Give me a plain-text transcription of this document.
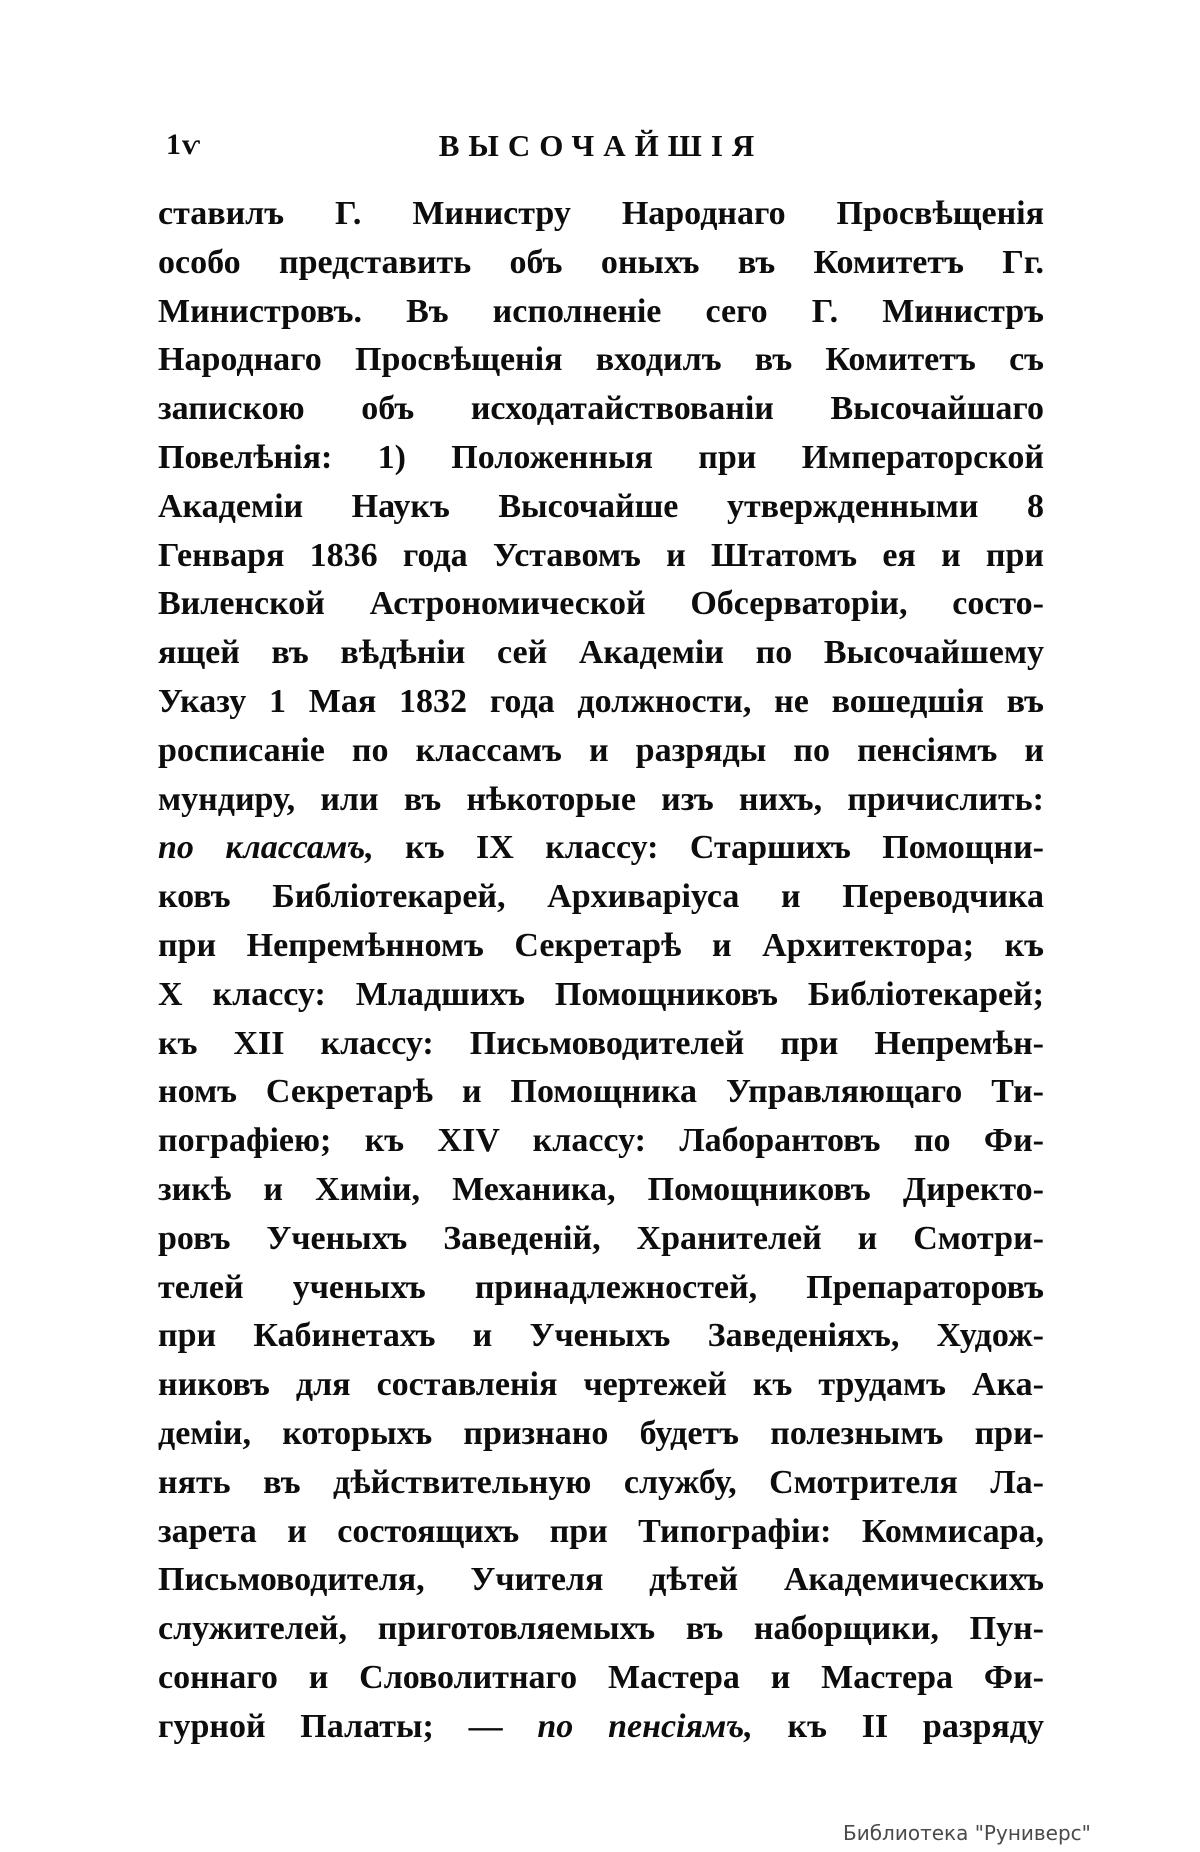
1ѵ	ВЫСОЧАЙШІЯ
ставилъ Г. Министру Народнаго Просвѣщенія
особо представить объ оныхъ въ Комитетъ Гг.
Министровъ. Въ исполненіе сего Г. Министръ
Народнаго Просвѣщенія входилъ въ Комитетъ съ
запискою объ исходатайствованіи Высочайшаго
Повелѣнія: 1) Положенныя при Императорской
Академіи Наукъ Высочайше утвержденными 8
Генваря 1836 года Уставомъ и Штатомъ ея и при
Виленской Астрономической Обсерваторіи, состо-
ящей въ вѣдѣніи сей Академіи по Высочайшему
Указу 1 Мая 1832 года должности, не вошедшія въ
росписаніе по классамъ и разряды по пенсіямъ и
мундиру, или въ нѣкоторые изъ нихъ, причислить:
по классамъ, къ IX классу: Старшихъ Помощни-
ковъ Библіотекарей, Архиваріуса и Переводчика
при Непремѣнномъ Секретарѣ и Архитектора; къ
X классу: Младшихъ Помощниковъ Библіотекарей;
къ XII классу: Письмоводителей при Непремѣн-
номъ Секретарѣ и Помощника Управляющаго Ти-
пографіею; къ XIV классу: Лаборантовъ по Фи-
зикѣ и Химіи, Механика, Помощниковъ Директо-
ровъ Ученыхъ Заведеній, Хранителей и Смотри-
телей ученыхъ принадлежностей, Препараторовъ
при Кабинетахъ и Ученыхъ Заведеніяхъ, Худож-
никовъ для составленія чертежей къ трудамъ Ака-
деміи, которыхъ признано будетъ полезнымъ при-
нять въ дѣйствительную службу, Смотрителя Ла-
зарета и состоящихъ при Типографіи: Коммисара,
Письмоводителя, Учителя дѣтей Академическихъ
служителей, приготовляемыхъ въ наборщики, Пун-
соннаго и Словолитнаго Мастера и Мастера Фи-
гурной Палаты; — по пенсіямъ, къ II разряду
Библиотека "Руниверс"
